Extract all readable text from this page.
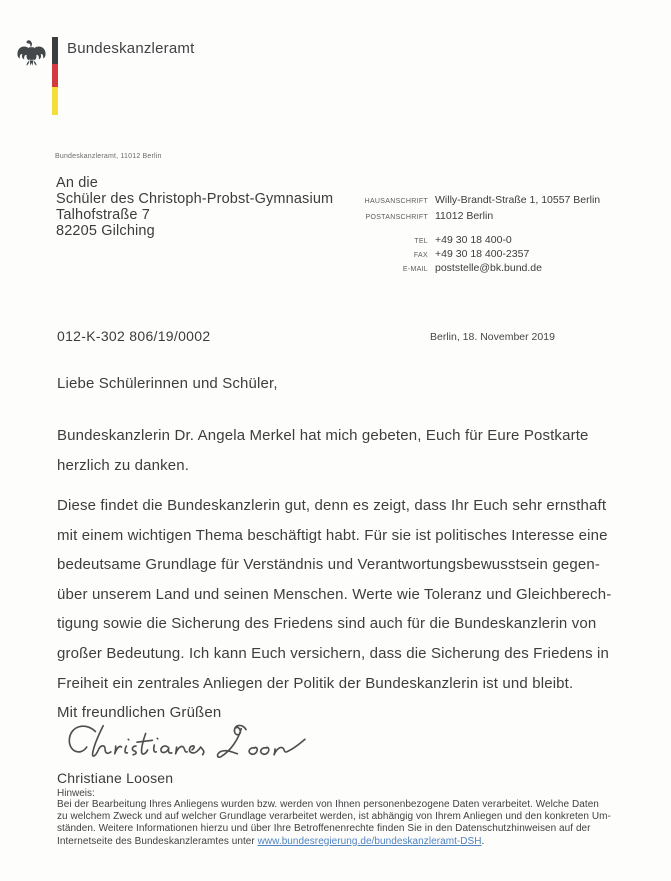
Bundeskanzleramt
Bundeskanzleramt, 11012 Berlin
An die
Schüler des Christoph-Probst-Gymnasium
Talhofstraße 7
82205 Gilching
HAUSANSCHRIFT Willy-Brandt-Straße 1, 10557 Berlin
POSTANSCHRIFT 11012 Berlin
TEL +49 30 18 400-0
FAX +49 30 18 400-2357
E-MAIL poststelle@bk.bund.de
012-K-302 806/19/0002	Berlin, 18. November 2019
Liebe Schülerinnen und Schüler,
Bundeskanzlerin Dr. Angela Merkel hat mich gebeten, Euch für Eure Postkarte
herzlich zu danken.
Diese findet die Bundeskanzlerin gut, denn es zeigt, dass Ihr Euch sehr ernsthaft
mit einem wichtigen Thema beschäftigt habt. Für sie ist politisches Interesse eine
bedeutsame Grundlage für Verständnis und Verantwortungsbewusstsein gegen-
über unserem Land und seinen Menschen. Werte wie Toleranz und Gleichberech-
tigung sowie die Sicherung des Friedens sind auch für die Bundeskanzlerin von
großer Bedeutung. Ich kann Euch versichern, dass die Sicherung des Friedens in
Freiheit ein zentrales Anliegen der Politik der Bundeskanzlerin ist und bleibt.
Mit freundlichen Grüßen
Christiane Loosen
Hinweis:
Bei der Bearbeitung Ihres Anliegens wurden bzw. werden von Ihnen personenbezogene Daten verarbeitet. Welche Daten
zu welchem Zweck und auf welcher Grundlage verarbeitet werden, ist abhängig von Ihrem Anliegen und den konkreten Um-
ständen. Weitere Informationen hierzu und über Ihre Betroffenenrechte finden Sie in den Datenschutzhinweisen auf der
Internetseite des Bundeskanzleramtes unter www.bundesregierung.de/bundeskanzleramt-DSH.
